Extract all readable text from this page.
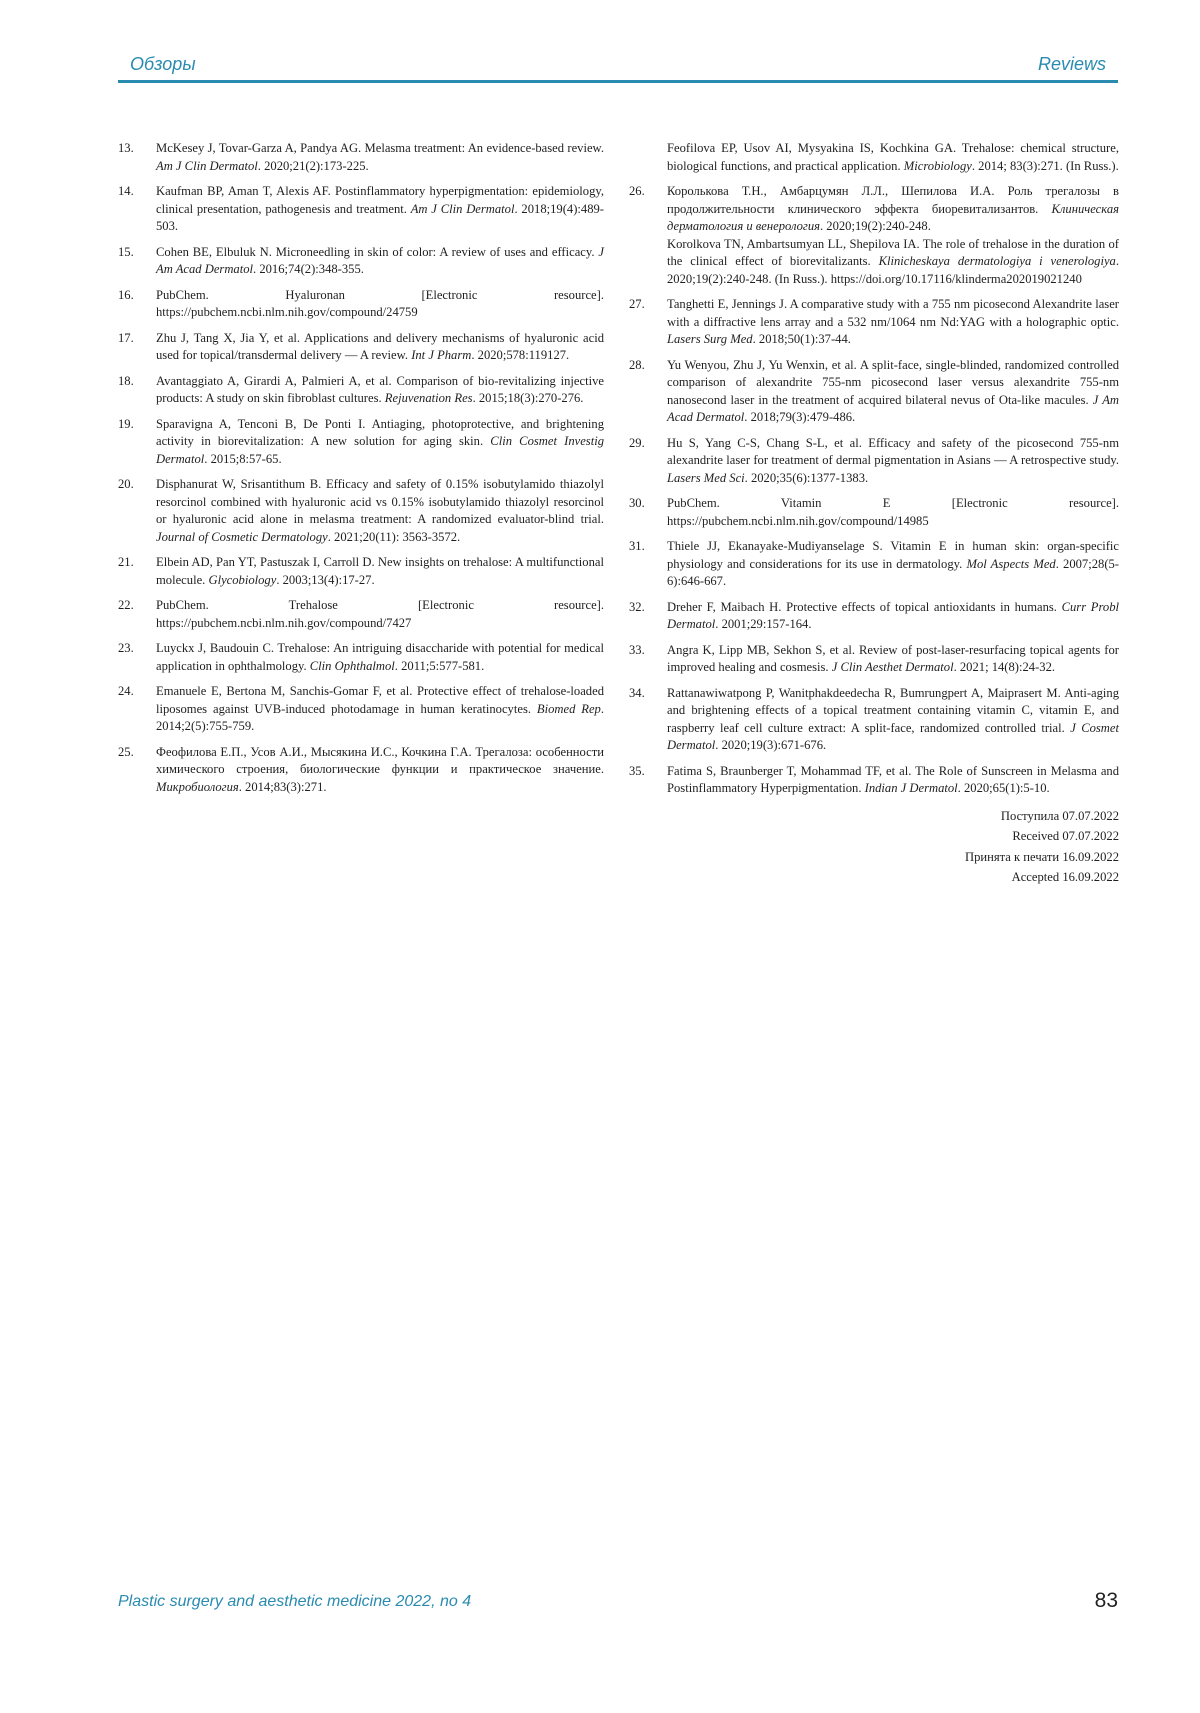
Обзоры	Reviews
13.	McKesey J, Tovar-Garza A, Pandya AG. Melasma treatment: An evidence-based review. Am J Clin Dermatol. 2020;21(2):173-225.
14.	Kaufman BP, Aman T, Alexis AF. Postinflammatory hyperpigmentation: epidemiology, clinical presentation, pathogenesis and treatment. Am J Clin Dermatol. 2018;19(4):489-503.
15.	Cohen BE, Elbuluk N. Microneedling in skin of color: A review of uses and efficacy. J Am Acad Dermatol. 2016;74(2):348-355.
16.	PubChem. Hyaluronan [Electronic resource]. https://pubchem.ncbi.nlm.nih.gov/compound/24759
17.	Zhu J, Tang X, Jia Y, et al. Applications and delivery mechanisms of hyaluronic acid used for topical/transdermal delivery — A review. Int J Pharm. 2020;578:119127.
18.	Avantaggiato A, Girardi A, Palmieri A, et al. Comparison of bio-revitalizing injective products: A study on skin fibroblast cultures. Rejuvenation Res. 2015;18(3):270-276.
19.	Sparavigna A, Tenconi B, De Ponti I. Antiaging, photoprotective, and brightening activity in biorevitalization: A new solution for aging skin. Clin Cosmet Investig Dermatol. 2015;8:57-65.
20.	Disphanurat W, Srisantithum B. Efficacy and safety of 0.15% isobutylamido thiazolyl resorcinol combined with hyaluronic acid vs 0.15% isobutylamido thiazolyl resorcinol or hyaluronic acid alone in melasma treatment: A randomized evaluator-blind trial. Journal of Cosmetic Dermatology. 2021;20(11): 3563-3572.
21.	Elbein AD, Pan YT, Pastuszak I, Carroll D. New insights on trehalose: A multifunctional molecule. Glycobiology. 2003;13(4):17-27.
22.	PubChem. Trehalose [Electronic resource]. https://pubchem.ncbi.nlm.nih.gov/compound/7427
23.	Luyckx J, Baudouin C. Trehalose: An intriguing disaccharide with potential for medical application in ophthalmology. Clin Ophthalmol. 2011;5:577-581.
24.	Emanuele E, Bertona M, Sanchis-Gomar F, et al. Protective effect of trehalose-loaded liposomes against UVB-induced photodamage in human keratinocytes. Biomed Rep. 2014;2(5):755-759.
25.	Феофилова Е.П., Усов А.И., Мысякина И.С., Кочкина Г.А. Трегалоза: особенности химического строения, биологические функции и практическое значение. Микробиология. 2014;83(3):271.
Feofilova EP, Usov AI, Mysyakina IS, Kochkina GA. Trehalose: chemical structure, biological functions, and practical application. Microbiology. 2014; 83(3):271. (In Russ.).
26.	Королькова Т.Н., Амбарцумян Л.Л., Шепилова И.А. Роль трегалозы в продолжительности клинического эффекта биоревитализантов. Клиническая дерматология и венерология. 2020;19(2):240-248.
Korolkova TN, Ambartsumyan LL, Shepilova IA. The role of trehalose in the duration of the clinical effect of biorevitalizants. Klinicheskaya dermatologiya i venerologiya. 2020;19(2):240-248. (In Russ.). https://doi.org/10.17116/klinderma202019021240
27.	Tanghetti E, Jennings J. A comparative study with a 755 nm picosecond Alexandrite laser with a diffractive lens array and a 532 nm/1064 nm Nd:YAG with a holographic optic. Lasers Surg Med. 2018;50(1):37-44.
28.	Yu Wenyou, Zhu J, Yu Wenxin, et al. A split-face, single-blinded, randomized controlled comparison of alexandrite 755-nm picosecond laser versus alexandrite 755-nm nanosecond laser in the treatment of acquired bilateral nevus of Ota-like macules. J Am Acad Dermatol. 2018;79(3):479-486.
29.	Hu S, Yang C-S, Chang S-L, et al. Efficacy and safety of the picosecond 755-nm alexandrite laser for treatment of dermal pigmentation in Asians — A retrospective study. Lasers Med Sci. 2020;35(6):1377-1383.
30.	PubChem. Vitamin E [Electronic resource]. https://pubchem.ncbi.nlm.nih.gov/compound/14985
31.	Thiele JJ, Ekanayake-Mudiyanselage S. Vitamin E in human skin: organ-specific physiology and considerations for its use in dermatology. Mol Aspects Med. 2007;28(5-6):646-667.
32.	Dreher F, Maibach H. Protective effects of topical antioxidants in humans. Curr Probl Dermatol. 2001;29:157-164.
33.	Angra K, Lipp MB, Sekhon S, et al. Review of post-laser-resurfacing topical agents for improved healing and cosmesis. J Clin Aesthet Dermatol. 2021; 14(8):24-32.
34.	Rattanawiwatpong P, Wanitphakdeedecha R, Bumrungpert A, Maiprasert M. Anti-aging and brightening effects of a topical treatment containing vitamin C, vitamin E, and raspberry leaf cell culture extract: A split-face, randomized controlled trial. J Cosmet Dermatol. 2020;19(3):671-676.
35.	Fatima S, Braunberger T, Mohammad TF, et al. The Role of Sunscreen in Melasma and Postinflammatory Hyperpigmentation. Indian J Dermatol. 2020;65(1):5-10.
Поступила 07.07.2022
Received 07.07.2022
Принята к печати 16.09.2022
Accepted 16.09.2022
Plastic surgery and aesthetic medicine 2022, no 4	83
